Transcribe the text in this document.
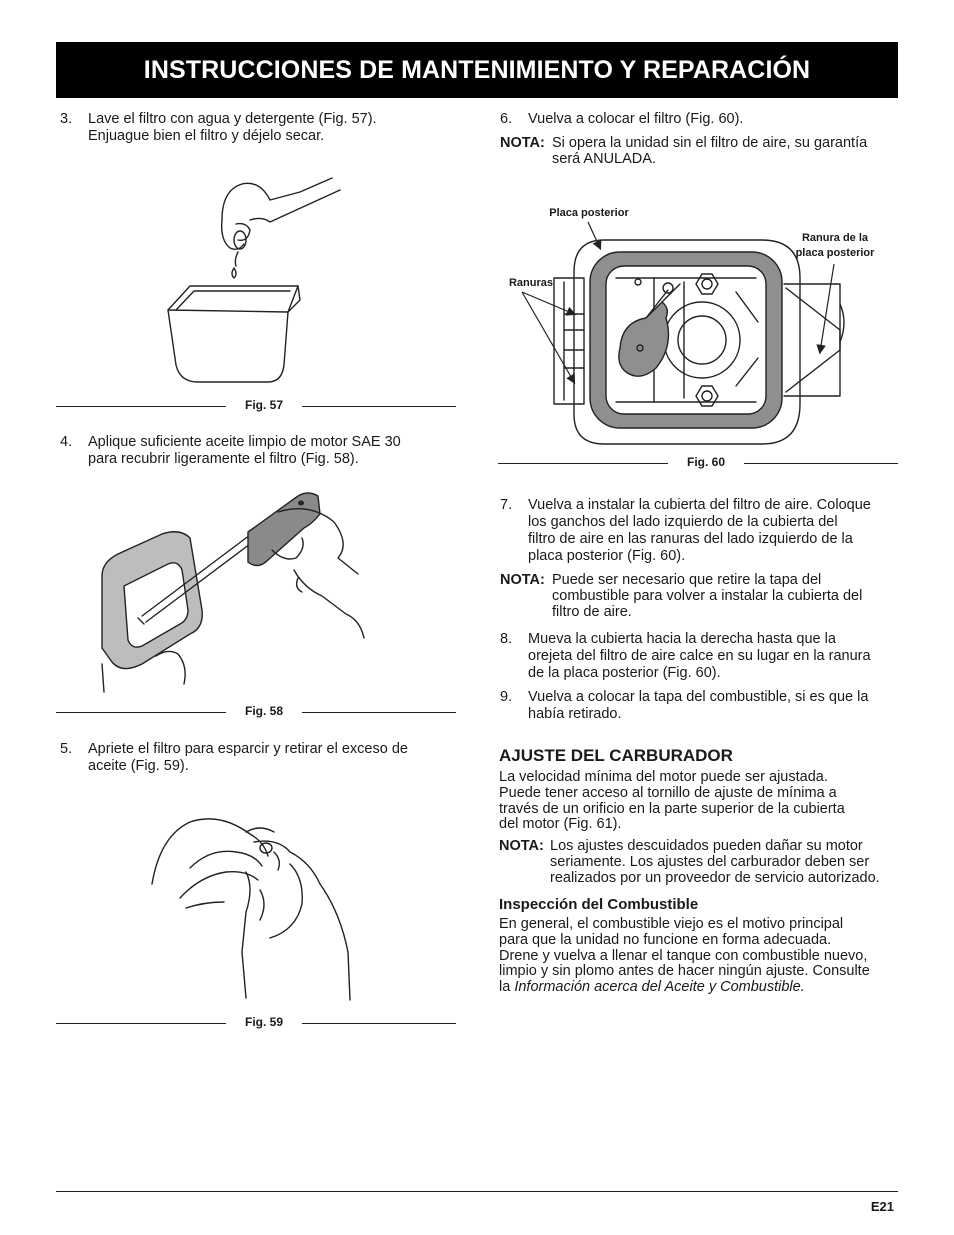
INSTRUCCIONES DE MANTENIMIENTO Y REPARACIÓN
3. Lave el filtro con agua y detergente (Fig. 57).
Enjuague bien el filtro y déjelo secar.
Fig. 57
4. Aplique suficiente aceite limpio de motor SAE 30
para recubrir ligeramente el filtro (Fig. 58).
Fig. 58
5. Apriete el filtro para esparcir y retirar el exceso de
aceite (Fig. 59).
Fig. 59
6. Vuelva a colocar el filtro (Fig. 60).
NOTA: Si opera la unidad sin el filtro de aire, su garantía
será ANULADA.
Placa posterior
Ranura de la
placa posterior
Ranuras
Fig. 60
7. Vuelva a instalar la cubierta del filtro de aire. Coloque
los ganchos del lado izquierdo de la cubierta del
filtro de aire en las ranuras del lado izquierdo de la
placa posterior (Fig. 60).
NOTA: Puede ser necesario que retire la tapa del
combustible para volver a instalar la cubierta del
filtro de aire.
8. Mueva la cubierta hacia la derecha hasta que la
orejeta del filtro de aire calce en su lugar en la ranura
de la placa posterior (Fig. 60).
9. Vuelva a colocar la tapa del combustible, si es que la
había retirado.
AJUSTE DEL CARBURADOR
La velocidad mínima del motor puede ser ajustada.
Puede tener acceso al tornillo de ajuste de mínima a
través de un orificio en la parte superior de la cubierta
del motor (Fig. 61).
NOTA: Los ajustes descuidados pueden dañar su motor
seriamente. Los ajustes del carburador deben ser
realizados por un proveedor de servicio autorizado.
Inspección del Combustible
En general, el combustible viejo es el motivo principal
para que la unidad no funcione en forma adecuada.
Drene y vuelva a llenar el tanque con combustible nuevo,
limpio y sin plomo antes de hacer ningún ajuste. Consulte
la Información acerca del Aceite y Combustible.
E21
